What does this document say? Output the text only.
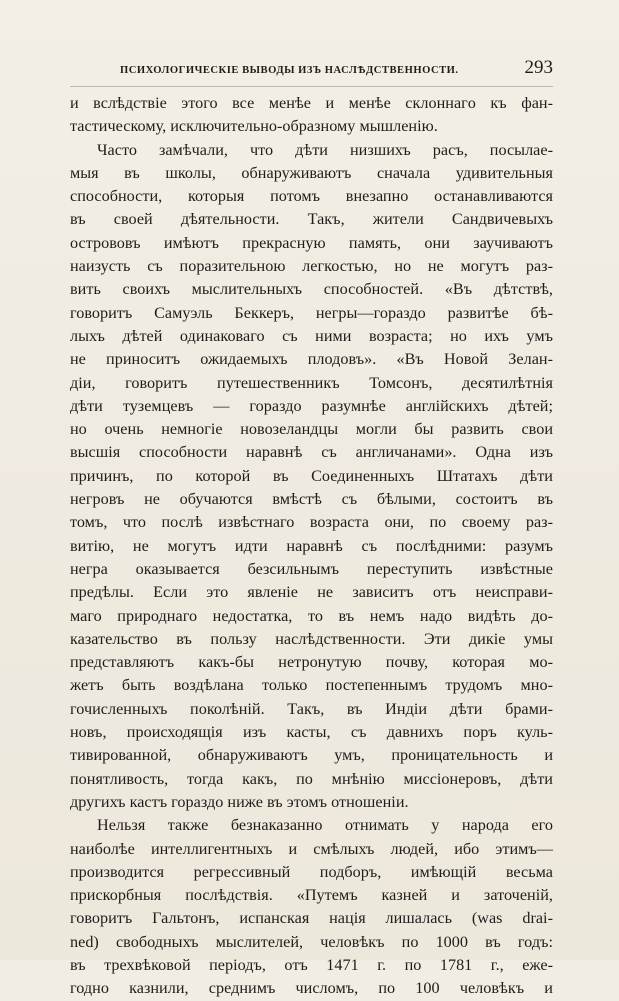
ПСИХОЛОГИЧЕСКІЕ ВЫВОДЫ ИЗЪ НАСЛѢДСТВЕННОСТИ.	293
и вслѣдствіе этого все менѣе и менѣе склоннагo къ фан-
тастическому, исключительно-образному мышленію.
Часто замѣчали, что дѣти низшихъ расъ, посылае-
мыя въ школы, обнаруживаютъ сначала удивительныя
способности, которыя потомъ внезапно останавливаются
въ своей дѣятельности. Такъ, жители Сандвичевыхъ
острововъ имѣютъ прекрасную память, они заучиваютъ
наизусть съ поразительною легкостью, но не могутъ раз-
вить своихъ мыслительныхъ способностей. «Въ дѣтствѣ,
говоритъ Самуэль Беккеръ, негры—гораздо развитѣе бѣ-
лыхъ дѣтей одинаковаго съ ними возраста; но ихъ умъ
не приноситъ ожидаемыхъ плодовъ». «Въ Новой Зелан-
діи, говоритъ путешественникъ Томсонъ, десятилѣтнія
дѣти туземцевъ — гораздо разумнѣе англійскихъ дѣтей;
но очень немногіе новозеландцы могли бы развить свои
высшія способности наравнѣ съ англичанами». Одна изъ
причинъ, по которой въ Соединенныхъ Штатахъ дѣти
негровъ не обучаются вмѣстѣ съ бѣлыми, состоитъ въ
томъ, что послѣ извѣстнаго возраста они, по своему раз-
витію, не могутъ идти наравнѣ съ послѣдними: разумъ
негра оказывается безсильнымъ переступить извѣстные
предѣлы. Если это явленіе не зависитъ отъ неисправи-
маго природнаго недостатка, то въ немъ надо видѣть до-
казательство въ пользу наслѣдственности. Эти дикіе умы
представляютъ какъ-бы нетронутую почву, которая мо-
жетъ быть воздѣлана только постепеннымъ трудомъ мно-
гочисленныхъ поколѣній. Такъ, въ Индіи дѣти брами-
новъ, происходящія изъ касты, съ давнихъ поръ куль-
тивированной, обнаруживаютъ умъ, проницательность и
понятливость, тогда какъ, по мнѣнію миссіонеровъ, дѣти
другихъ кастъ гораздо ниже въ этомъ отношеніи.
Нельзя также безнаказанно отнимать у народа его
наиболѣе интеллигентныхъ и смѣлыхъ людей, ибо этимъ—
производится регрессивный подборъ, имѣющій весьма
прискорбныя послѣдствія. «Путемъ казней и заточеній,
говоритъ Гальтонъ, испанская нація лишалась (was drai-
ned) свободныхъ мыслителей, человѣкъ по 1000 въ годъ:
въ трехвѣковой періодъ, отъ 1471 г. по 1781 г., еже-
годно казнили, среднимъ числомъ, по 100 человѣкъ и
